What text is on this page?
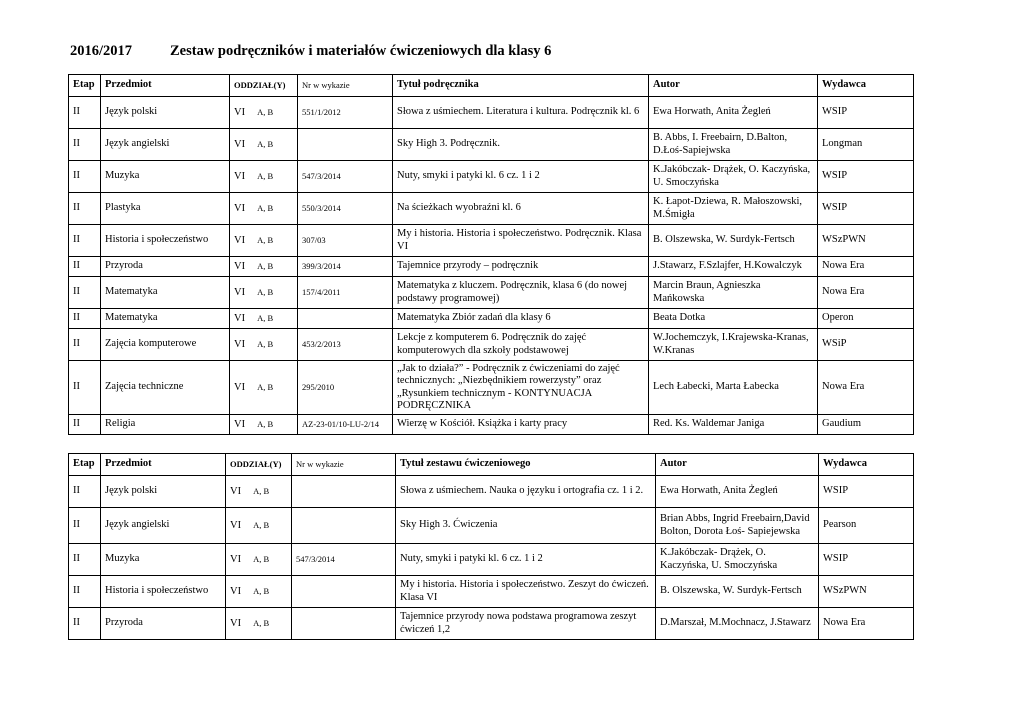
2016/2017	Zestaw podręczników i materiałów ćwiczeniowych dla klasy 6
Etap	Przedmiot	ODDZIAŁ(Y)	Nr w wykazie	Tytuł podręcznika	Autor	Wydawca
II	Język polski	VI A, B	551/1/2012	Słowa z uśmiechem. Literatura i kultura. Podręcznik kl. 6	Ewa Horwath, Anita Żegleń	WSIP
II	Język angielski	VI A, B		Sky High 3. Podręcznik.	B. Abbs, I. Freebairn, D.Balton, D.Łoś-Sapiejwska	Longman
II	Muzyka	VI A, B	547/3/2014	Nuty, smyki i patyki kl. 6 cz. 1 i 2	K.Jakóbczak- Drążek, O. Kaczyńska, U. Smoczyńska	WSIP
II	Plastyka	VI A, B	550/3/2014	Na ścieżkach wyobraźni kl. 6	K. Łapot-Dziewa, R. Małoszowski, M.Śmigła	WSIP
II	Historia i społeczeństwo	VI A, B	307/03	My i historia. Historia i społeczeństwo. Podręcznik. Klasa VI	B. Olszewska, W. Surdyk-Fertsch	WSzPWN
II	Przyroda	VI A, B	399/3/2014	Tajemnice przyrody – podręcznik	J.Stawarz, F.Szlajfer, H.Kowalczyk	Nowa Era
II	Matematyka	VI A, B	157/4/2011	Matematyka z kluczem. Podręcznik, klasa 6 (do nowej podstawy programowej)	Marcin Braun, Agnieszka Mańkowska	Nowa Era
II	Matematyka	VI A, B		Matematyka Zbiór zadań dla klasy 6	Beata Dotka	Operon
II	Zajęcia komputerowe	VI A, B	453/2/2013	Lekcje z komputerem 6. Podręcznik do zajęć komputerowych dla szkoły podstawowej	W.Jochemczyk, I.Krajewska-Kranas, W.Kranas	WSiP
II	Zajęcia techniczne	VI A, B	295/2010	„Jak to działa?” - Podręcznik z ćwiczeniami do zajęć technicznych: „Niezbędnikiem rowerzysty” oraz „Rysunkiem technicznym - KONTYNUACJA PODRĘCZNIKA	Lech Łabecki, Marta Łabecka	Nowa Era
II	Religia	VI A, B	AZ-23-01/10-LU-2/14	Wierzę w Kościół. Książka i karty pracy	Red. Ks. Waldemar Janiga	Gaudium
Etap	Przedmiot	ODDZIAŁ(Y)	Nr w wykazie	Tytuł zestawu ćwiczeniowego	Autor	Wydawca
II	Język polski	VI A, B		Słowa z uśmiechem. Nauka o języku i ortografia cz. 1 i 2.	Ewa Horwath, Anita Żegleń	WSIP
II	Język angielski	VI A, B		Sky High 3. Ćwiczenia	Brian Abbs, Ingrid Freebairn,David Bolton, Dorota Łoś- Sapiejewska	Pearson
II	Muzyka	VI A, B	547/3/2014	Nuty, smyki i patyki kl. 6 cz. 1 i 2	K.Jakóbczak- Drążek, O. Kaczyńska, U. Smoczyńska	WSIP
II	Historia i społeczeństwo	VI A, B		My i historia. Historia i społeczeństwo. Zeszyt do ćwiczeń. Klasa VI	B. Olszewska, W. Surdyk-Fertsch	WSzPWN
II	Przyroda	VI A, B		Tajemnice przyrody nowa podstawa programowa zeszyt ćwiczeń 1,2	D.Marszał, M.Mochnacz, J.Stawarz	Nowa Era
